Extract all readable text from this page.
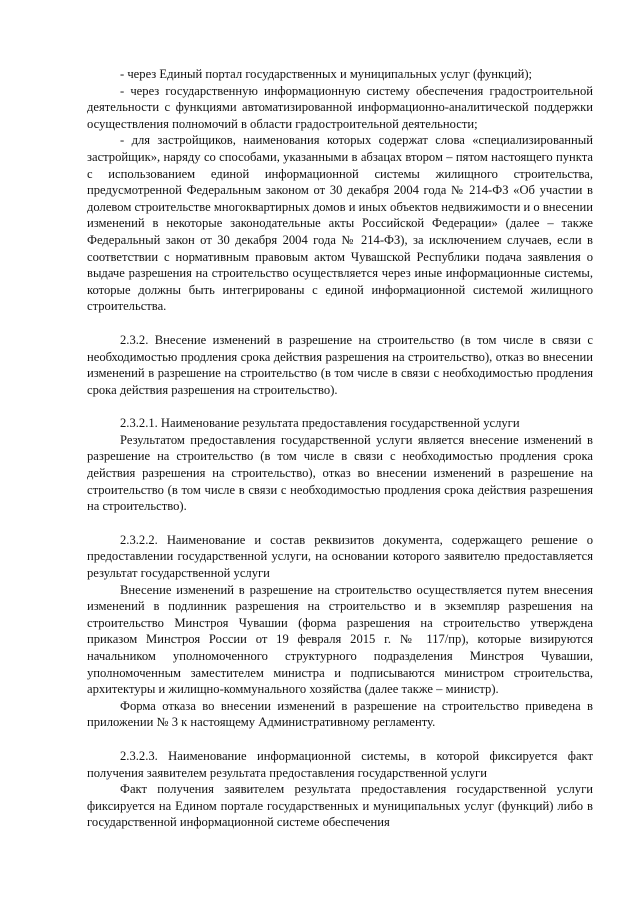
- через Единый портал государственных и муниципальных услуг (функций);

- через государственную информационную систему обеспечения градостроительной деятельности с функциями автоматизированной информационно-аналитической поддержки осуществления полномочий в области градостроительной деятельности;

- для застройщиков, наименования которых содержат слова «специализированный застройщик», наряду со способами, указанными в абзацах втором – пятом настоящего пункта с использованием единой информационной системы жилищного строительства, предусмотренной Федеральным законом от 30 декабря 2004 года № 214-ФЗ «Об участии в долевом строительстве многоквартирных домов и иных объектов недвижимости и о внесении изменений в некоторые законодательные акты Российской Федерации» (далее – также Федеральный закон от 30 декабря 2004 года № 214-ФЗ), за исключением случаев, если в соответствии с нормативным правовым актом Чувашской Республики подача заявления о выдаче разрешения на строительство осуществляется через иные информационные системы, которые должны быть интегрированы с единой информационной системой жилищного строительства.

2.3.2. Внесение изменений в разрешение на строительство (в том числе в связи с необходимостью продления срока действия разрешения на строительство), отказ во внесении изменений в разрешение на строительство (в том числе в связи с необходимостью продления срока действия разрешения на строительство).

2.3.2.1. Наименование результата предоставления государственной услуги

Результатом предоставления государственной услуги является внесение изменений в разрешение на строительство (в том числе в связи с необходимостью продления срока действия разрешения на строительство), отказ во внесении изменений в разрешение на строительство (в том числе в связи с необходимостью продления срока действия разрешения на строительство).

2.3.2.2. Наименование и состав реквизитов документа, содержащего решение о предоставлении государственной услуги, на основании которого заявителю предоставляется результат государственной услуги

Внесение изменений в разрешение на строительство осуществляется путем внесения изменений в подлинник разрешения на строительство и в экземпляр разрешения на строительство Минстроя Чувашии (форма разрешения на строительство утверждена приказом Минстроя России от 19 февраля 2015 г. № 117/пр), которые визируются начальником уполномоченного структурного подразделения Минстроя Чувашии, уполномоченным заместителем министра и подписываются министром строительства, архитектуры и жилищно-коммунального хозяйства (далее также – министр).

Форма отказа во внесении изменений в разрешение на строительство приведена в приложении № 3 к настоящему Административному регламенту.

2.3.2.3. Наименование информационной системы, в которой фиксируется факт получения заявителем результата предоставления государственной услуги

Факт получения заявителем результата предоставления государственной услуги фиксируется на Едином портале государственных и муниципальных услуг (функций) либо в государственной информационной системе обеспечения
